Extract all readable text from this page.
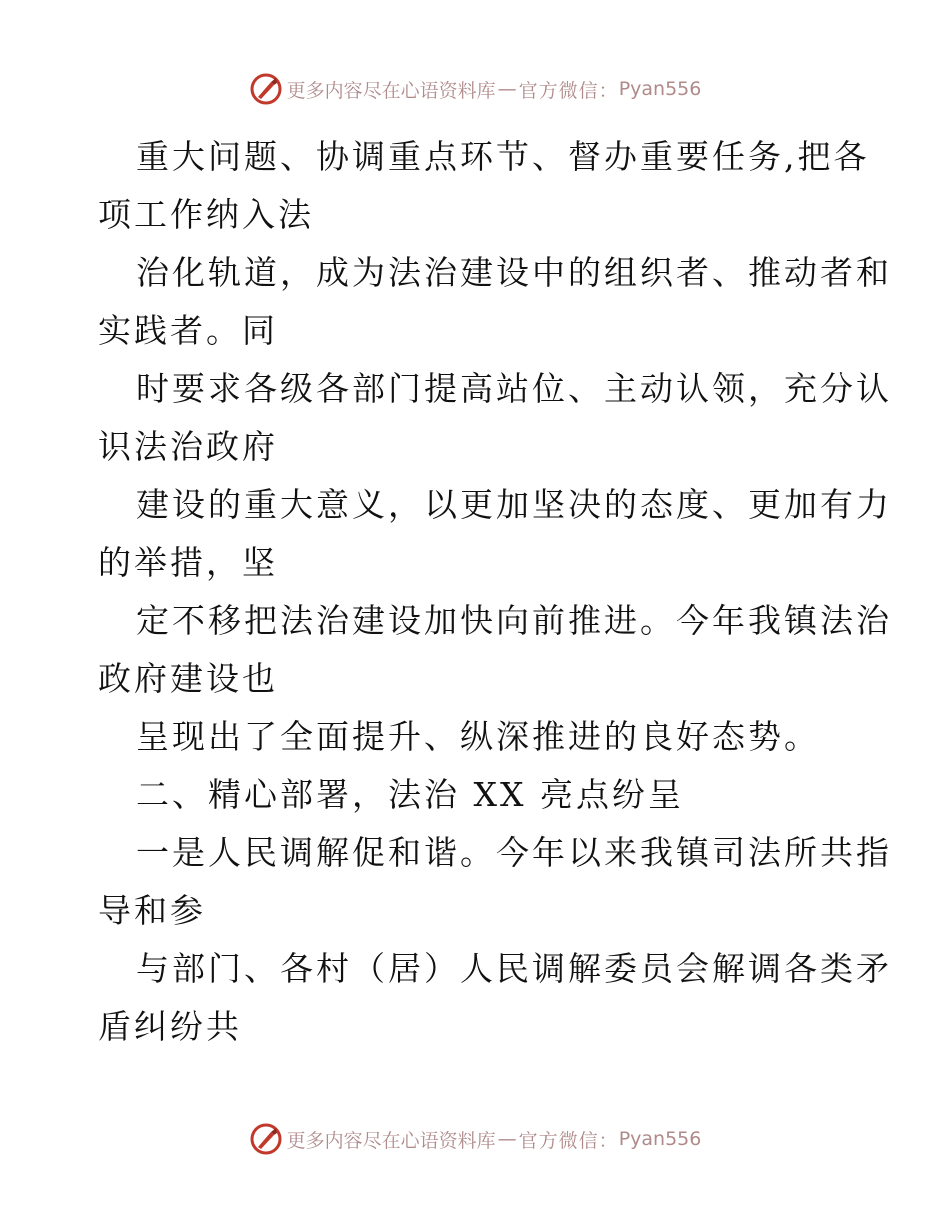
更多内容尽在心语资料库 — 官方微信： Pyan556
重大问题、协调重点环节、督办重要任务,把各
项工作纳入法
治化轨道，成为法治建设中的组织者、推动者和
实践者。同
时要求各级各部门提高站位、主动认领，充分认
识法治政府
建设的重大意义，以更加坚决的态度、更加有力
的举措，坚
定不移把法治建设加快向前推进。今年我镇法治
政府建设也
呈现出了全面提升、纵深推进的良好态势。
二、精心部署，法治 XX 亮点纷呈
一是人民调解促和谐。今年以来我镇司法所共指
导和参
与部门、各村（居）人民调解委员会解调各类矛
盾纠纷共
更多内容尽在心语资料库 — 官方微信： Pyan556
